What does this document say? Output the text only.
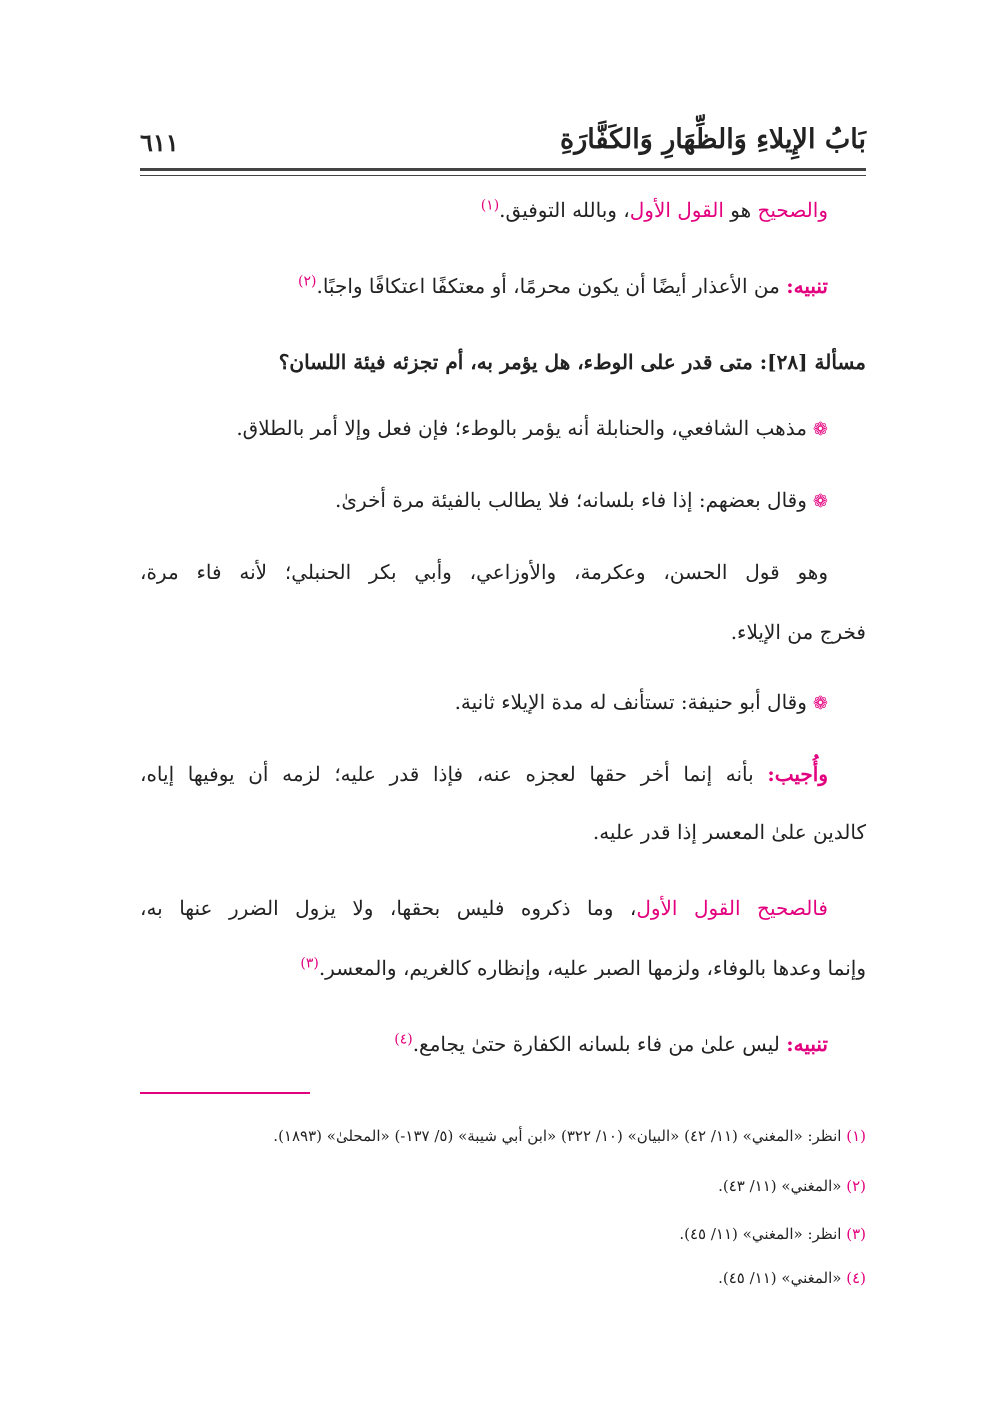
بَابُ الإِيلاءِ وَالظِّهَارِ وَالكَفَّارَةِ
٦١١
والصحيح هو القول الأول، وبالله التوفيق.$^{(١)}$
تنبيه: من الأعذار أيضًا أن يكون محرمًا، أو معتكفًا اعتكافًا واجبًا.$^{(٢)}$
مسألة [٢٨]: متى قدر على الوطء، هل يؤمر به، أم تجزئه فيئة اللسان؟
❁مذهب الشافعي، والحنابلة أنه يؤمر بالوطء؛ فإن فعل وإلا أمر بالطلاق.
❁وقال بعضهم: إذا فاء بلسانه؛ فلا يطالب بالفيئة مرة أخرىٰ.
وهو قول الحسن، وعكرمة، والأوزاعي، وأبي بكر الحنبلي؛ لأنه فاء مرة،
فخرج من الإيلاء.
❁وقال أبو حنيفة: تستأنف له مدة الإيلاء ثانية.
وأُجيب: بأنه إنما أخر حقها لعجزه عنه، فإذا قدر عليه؛ لزمه أن يوفيها إياه،
كالدين علىٰ المعسر إذا قدر عليه.
فالصحيح القول الأول، وما ذكروه فليس بحقها، ولا يزول الضرر عنها به،
وإنما وعدها بالوفاء، ولزمها الصبر عليه، وإنظاره كالغريم، والمعسر.$^{(٣)}$
تنبيه: ليس علىٰ من فاء بلسانه الكفارة حتىٰ يجامع.$^{(٤)}$
(١) انظر: «المغني» (١١/ ٤٢) «البيان» (١٠/ ٣٢٢) «ابن أبي شيبة» (٥/ ١٣٧-) «المحلىٰ» (١٨٩٣).
(٢) «المغني» (١١/ ٤٣).
(٣) انظر: «المغني» (١١/ ٤٥).
(٤) «المغني» (١١/ ٤٥).
